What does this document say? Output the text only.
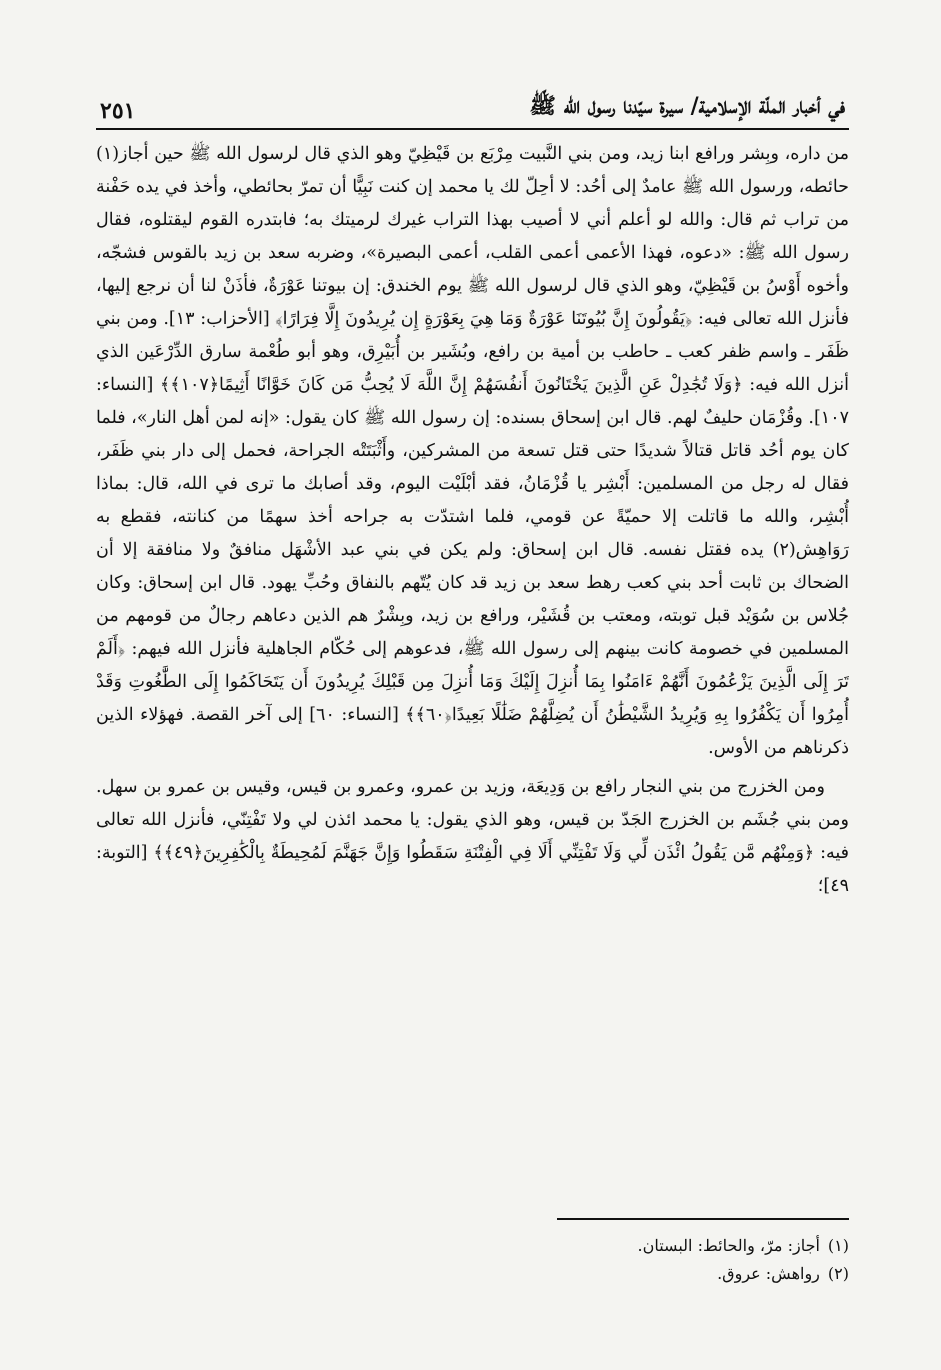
في أخبار الملّة الإسلامية/ سيرة سيّدنا رسول الله ﷺ
٢٥١

من داره، وبِشر ورافع ابنا زيد، ومن بني النَّبيت مِرْبَع بن قَيْظِيّ وهو الذي قال لرسول الله ﷺ حين أجاز(١) حائطه، ورسول الله ﷺ عامدٌ إلى أحُد: لا أحِلّ لك يا محمد إن كنت نَبِيًّا أن تمرّ بحائطي، وأخذ في يده حَفْنة من تراب ثم قال: والله لو أعلم أني لا أصيب بهذا التراب غيرك لرميتك به؛ فابتدره القوم ليقتلوه، فقال رسول الله ﷺ: «دعوه، فهذا الأعمى أعمى القلب، أعمى البصيرة»، وضربه سعد بن زيد بالقوس فشجّه، وأخوه أَوْسُ بن قَيْظِيّ، وهو الذي قال لرسول الله ﷺ يوم الخندق: إن بيوتنا عَوْرَةٌ، فأذَنْ لنا أن نرجع إليها، فأنزل الله تعالى فيه: ﴿يَقُولُونَ إِنَّ بُيُوتَنَا عَوْرَةٌ وَمَا هِيَ بِعَوْرَةٍ إِن يُرِيدُونَ إِلَّا فِرَارًا﴾ [الأحزاب: ١٣]. ومن بني ظَفَر ـ واسم ظفر كعب ـ حاطب بن أمية بن رافع، وبُشَير بن أُبَيْرِق، وهو أبو طُعْمة سارق الدِّرْعَين الذي أنزل الله فيه: ﴿وَلَا تُجَٰدِلْ عَنِ الَّذِينَ يَخْتَانُونَ أَنفُسَهُمْ إِنَّ اللَّهَ لَا يُحِبُّ مَن كَانَ خَوَّانًا أَثِيمًا﴿١٠٧﴾﴾ [النساء: ١٠٧]. وقُزْمَان حليفٌ لهم. قال ابن إسحاق بسنده: إن رسول الله ﷺ كان يقول: «إنه لمن أهل النار»، فلما كان يوم أحُد قاتل قتالاً شديدًا حتى قتل تسعة من المشركين، وأَثْبَتَتْه الجراحة، فحمل إلى دار بني ظَفَر، فقال له رجل من المسلمين: أَبْشِر يا قُزْمَانُ، فقد أبْلَيْت اليوم، وقد أصابك ما ترى في الله، قال: بماذا أُبْشِر، والله ما قاتلت إلا حميّةً عن قومي، فلما اشتدّت به جراحه أخذ سهمًا من كنانته، فقطع به رَوَاهِش(٢) يده فقتل نفسه. قال ابن إسحاق: ولم يكن في بني عبد الأشْهَل منافقٌ ولا منافقة إلا أن الضحاك بن ثابت أحد بني كعب رهط سعد بن زيد قد كان يُتّهم بالنفاق وحُبِّ يهود. قال ابن إسحاق: وكان جُلاس بن سُوَيْد قبل توبته، ومعتب بن قُشَيْر، ورافع بن زيد، وبِشْرٌ هم الذين دعاهم رجالٌ من قومهم من المسلمين في خصومة كانت بينهم إلى رسول الله ﷺ، فدعوهم إلى حُكّام الجاهلية فأنزل الله فيهم: ﴿أَلَمْ تَرَ إِلَى الَّذِينَ يَزْعُمُونَ أَنَّهُمْ ءَامَنُوا بِمَا أُنزِلَ إِلَيْكَ وَمَا أُنزِلَ مِن قَبْلِكَ يُرِيدُونَ أَن يَتَحَاكَمُوا إِلَى الطَّٰغُوتِ وَقَدْ أُمِرُوا أَن يَكْفُرُوا بِهِ وَيُرِيدُ الشَّيْطَٰنُ أَن يُضِلَّهُمْ ضَلَٰلًا بَعِيدًا﴿٦٠﴾﴾ [النساء: ٦٠] إلى آخر القصة. فهؤلاء الذين ذكرناهم من الأوس.

ومن الخزرج من بني النجار رافع بن وَدِيعَة، وزيد بن عمرو، وعمرو بن قيس، وقيس بن عمرو بن سهل. ومن بني جُشَم بن الخزرج الجَدّ بن قيس، وهو الذي يقول: يا محمد ائذن لي ولا تَفْتِنّي، فأنزل الله تعالى فيه: ﴿وَمِنْهُم مَّن يَقُولُ ائْذَن لِّي وَلَا تَفْتِنِّي أَلَا فِي الْفِتْنَةِ سَقَطُوا وَإِنَّ جَهَنَّمَ لَمُحِيطَةٌ بِالْكَٰفِرِينَ﴿٤٩﴾﴾ [التوبة: ٤٩]؛

(١)أجاز: مرّ، والحائط: البستان.
(٢)رواهش: عروق.
